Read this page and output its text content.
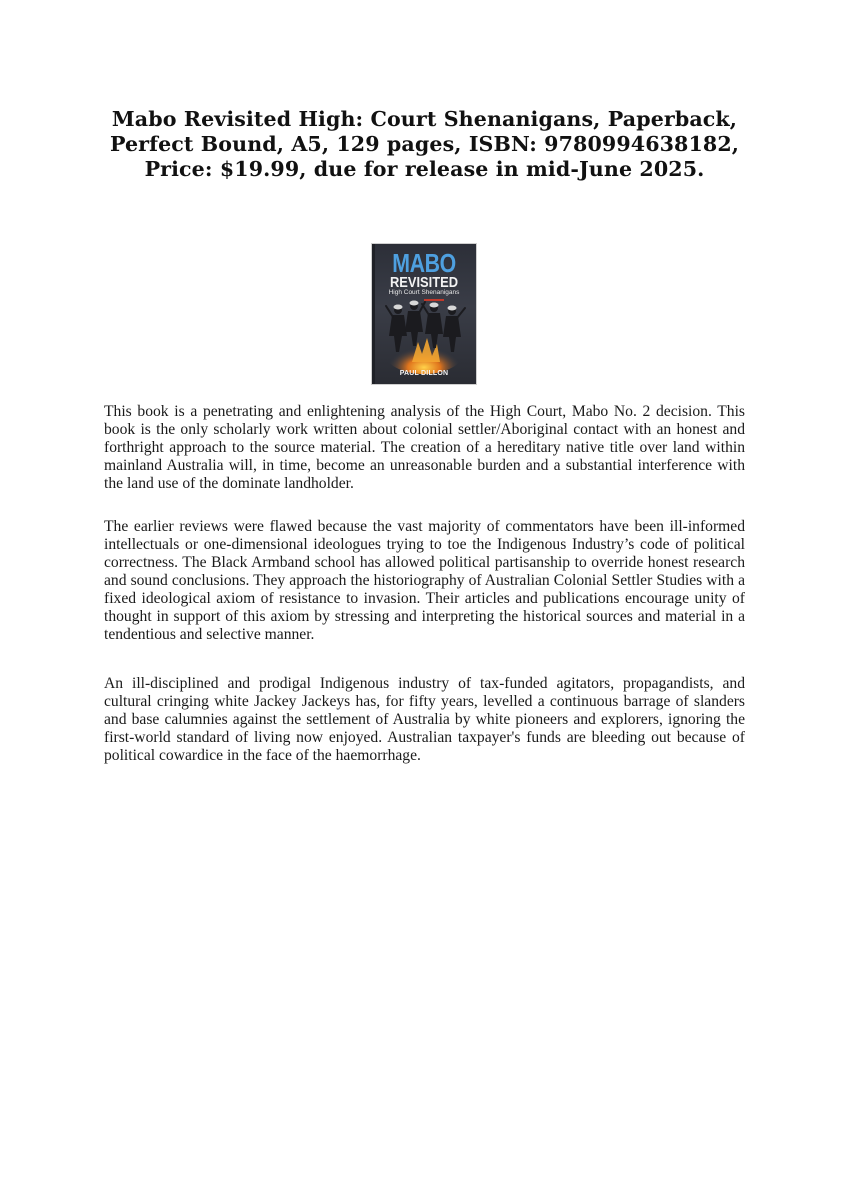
Mabo Revisited High: Court Shenanigans, Paperback, Perfect Bound, A5, 129 pages, ISBN: 9780994638182, Price: $19.99, due for release in mid-June 2025.
MABO
REVISITED
High Court Shenanigans
PAUL DILLON

This book is a penetrating and enlightening analysis of the High Court, Mabo No. 2 decision. This book is the only scholarly work written about colonial settler/Aboriginal contact with an honest and forthright approach to the source material. The creation of a hereditary native title over land within mainland Australia will, in time, become an unreasonable burden and a substantial interference with the land use of the dominate landholder.

The earlier reviews were flawed because the vast majority of commentators have been ill-informed intellectuals or one-dimensional ideologues trying to toe the Indigenous Industry’s code of political correctness. The Black Armband school has allowed political partisanship to override honest research and sound conclusions. They approach the historiography of Australian Colonial Settler Studies with a fixed ideological axiom of resistance to invasion. Their articles and publications encourage unity of thought in support of this axiom by stressing and interpreting the historical sources and material in a tendentious and selective manner.

An ill-disciplined and prodigal Indigenous industry of tax-funded agitators, propagandists, and cultural cringing white Jackey Jackeys has, for fifty years, levelled a continuous barrage of slanders and base calumnies against the settlement of Australia by white pioneers and explorers, ignoring the first-world standard of living now enjoyed. Australian taxpayer's funds are bleeding out because of political cowardice in the face of the haemorrhage.
